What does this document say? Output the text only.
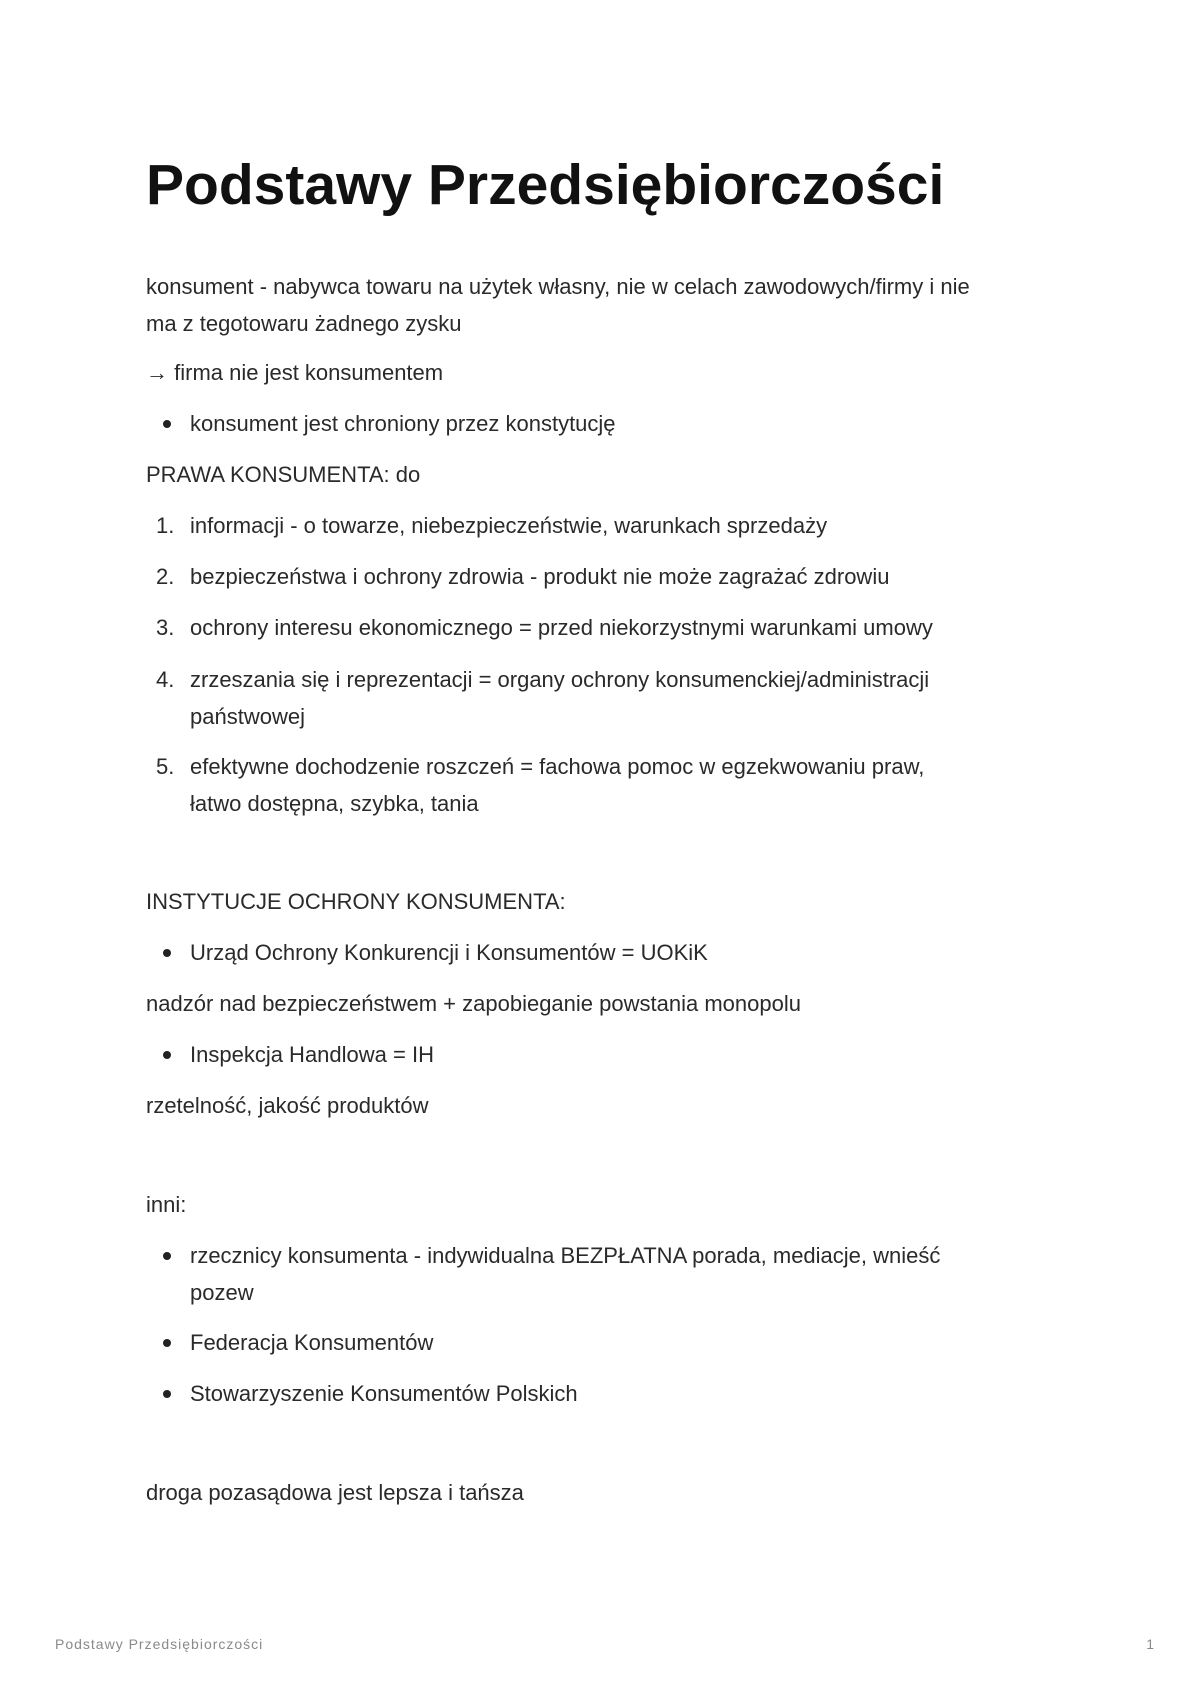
Podstawy Przedsiębiorczości

konsument - nabywca towaru na użytek własny, nie w celach zawodowych/firmy i nie

ma z tegotowaru żadnego zysku

→ firma nie jest konsumentem

konsument jest chroniony przez konstytucję

PRAWA KONSUMENTA: do

1. informacji - o towarze, niebezpieczeństwie, warunkach sprzedaży
2. bezpieczeństwa i ochrony zdrowia - produkt nie może zagrażać zdrowiu
3. ochrony interesu ekonomicznego = przed niekorzystnymi warunkami umowy
4. zrzeszania się i reprezentacji = organy ochrony konsumenckiej/administracji
państwowej
5. efektywne dochodzenie roszczeń = fachowa pomoc w egzekwowaniu praw,
łatwo dostępna, szybka, tania

INSTYTUCJE OCHRONY KONSUMENTA:

Urząd Ochrony Konkurencji i Konsumentów = UOKiK

nadzór nad bezpieczeństwem + zapobieganie powstania monopolu

Inspekcja Handlowa = IH

rzetelność, jakość produktów

inni:

rzecznicy konsumenta - indywidualna BEZPŁATNA porada, mediacje, wnieść
pozew
Federacja Konsumentów
Stowarzyszenie Konsumentów Polskich

droga pozasądowa jest lepsza i tańsza

Podstawy Przedsiębiorczości	1
